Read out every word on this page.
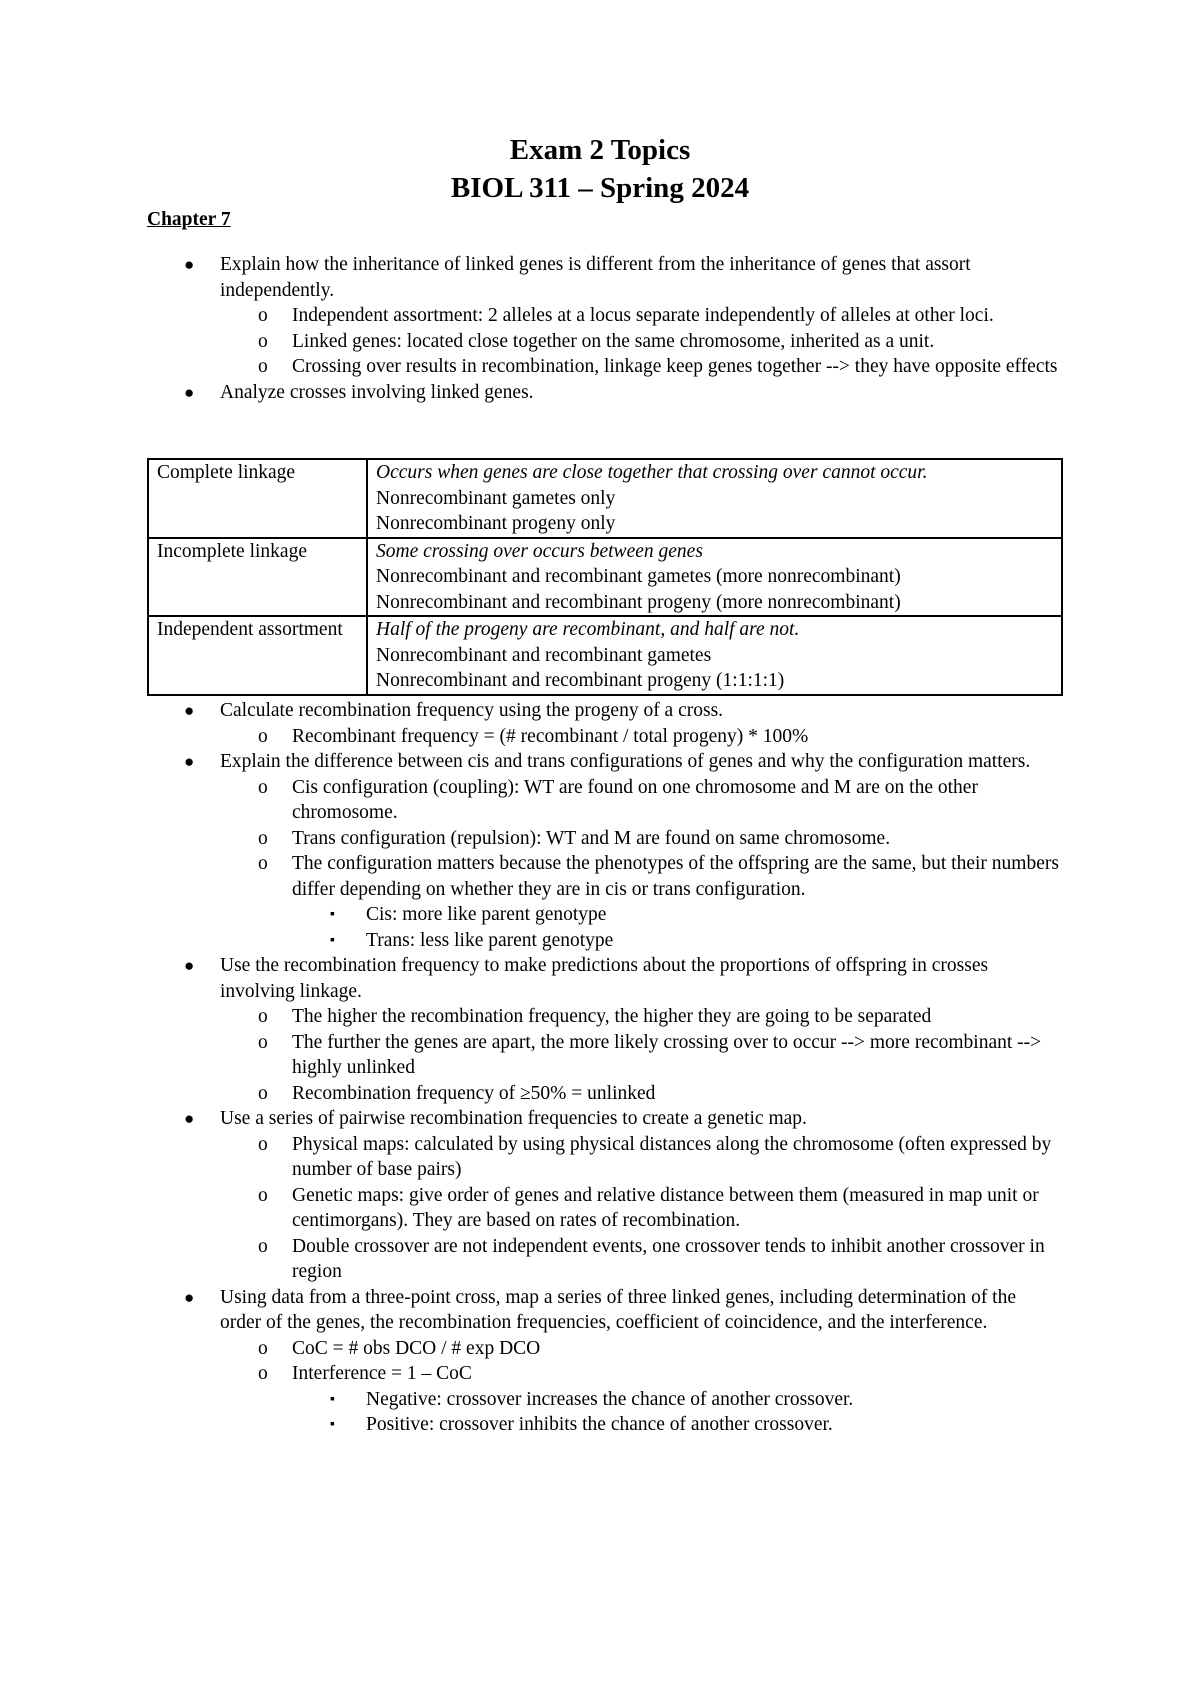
Exam 2 Topics
BIOL 311 – Spring 2024
Chapter 7
● Explain how the inheritance of linked genes is different from the inheritance of genes that assort independently.
o Independent assortment: 2 alleles at a locus separate independently of alleles at other loci.
o Linked genes: located close together on the same chromosome, inherited as a unit.
o Crossing over results in recombination, linkage keep genes together --> they have opposite effects
● Analyze crosses involving linked genes.
Complete linkage	Occurs when genes are close together that crossing over cannot occur.
Nonrecombinant gametes only
Nonrecombinant progeny only

Incomplete linkage	Some crossing over occurs between genes
Nonrecombinant and recombinant gametes (more nonrecombinant)
Nonrecombinant and recombinant progeny (more nonrecombinant)

Independent assortment	Half of the progeny are recombinant, and half are not.
Nonrecombinant and recombinant gametes
Nonrecombinant and recombinant progeny (1:1:1:1)
● Calculate recombination frequency using the progeny of a cross.
o Recombinant frequency = (# recombinant / total progeny) * 100%
● Explain the difference between cis and trans configurations of genes and why the configuration matters.
o Cis configuration (coupling): WT are found on one chromosome and M are on the other chromosome.
o Trans configuration (repulsion): WT and M are found on same chromosome.
o The configuration matters because the phenotypes of the offspring are the same, but their numbers differ depending on whether they are in cis or trans configuration.
▪ Cis: more like parent genotype
▪ Trans: less like parent genotype
● Use the recombination frequency to make predictions about the proportions of offspring in crosses involving linkage.
o The higher the recombination frequency, the higher they are going to be separated
o The further the genes are apart, the more likely crossing over to occur --> more recombinant --> highly unlinked
o Recombination frequency of ≥50% = unlinked
● Use a series of pairwise recombination frequencies to create a genetic map.
o Physical maps: calculated by using physical distances along the chromosome (often expressed by number of base pairs)
o Genetic maps: give order of genes and relative distance between them (measured in map unit or centimorgans). They are based on rates of recombination.
o Double crossover are not independent events, one crossover tends to inhibit another crossover in region
● Using data from a three-point cross, map a series of three linked genes, including determination of the order of the genes, the recombination frequencies, coefficient of coincidence, and the interference.
o CoC = # obs DCO / # exp DCO
o Interference = 1 – CoC
▪ Negative: crossover increases the chance of another crossover.
▪ Positive: crossover inhibits the chance of another crossover.
